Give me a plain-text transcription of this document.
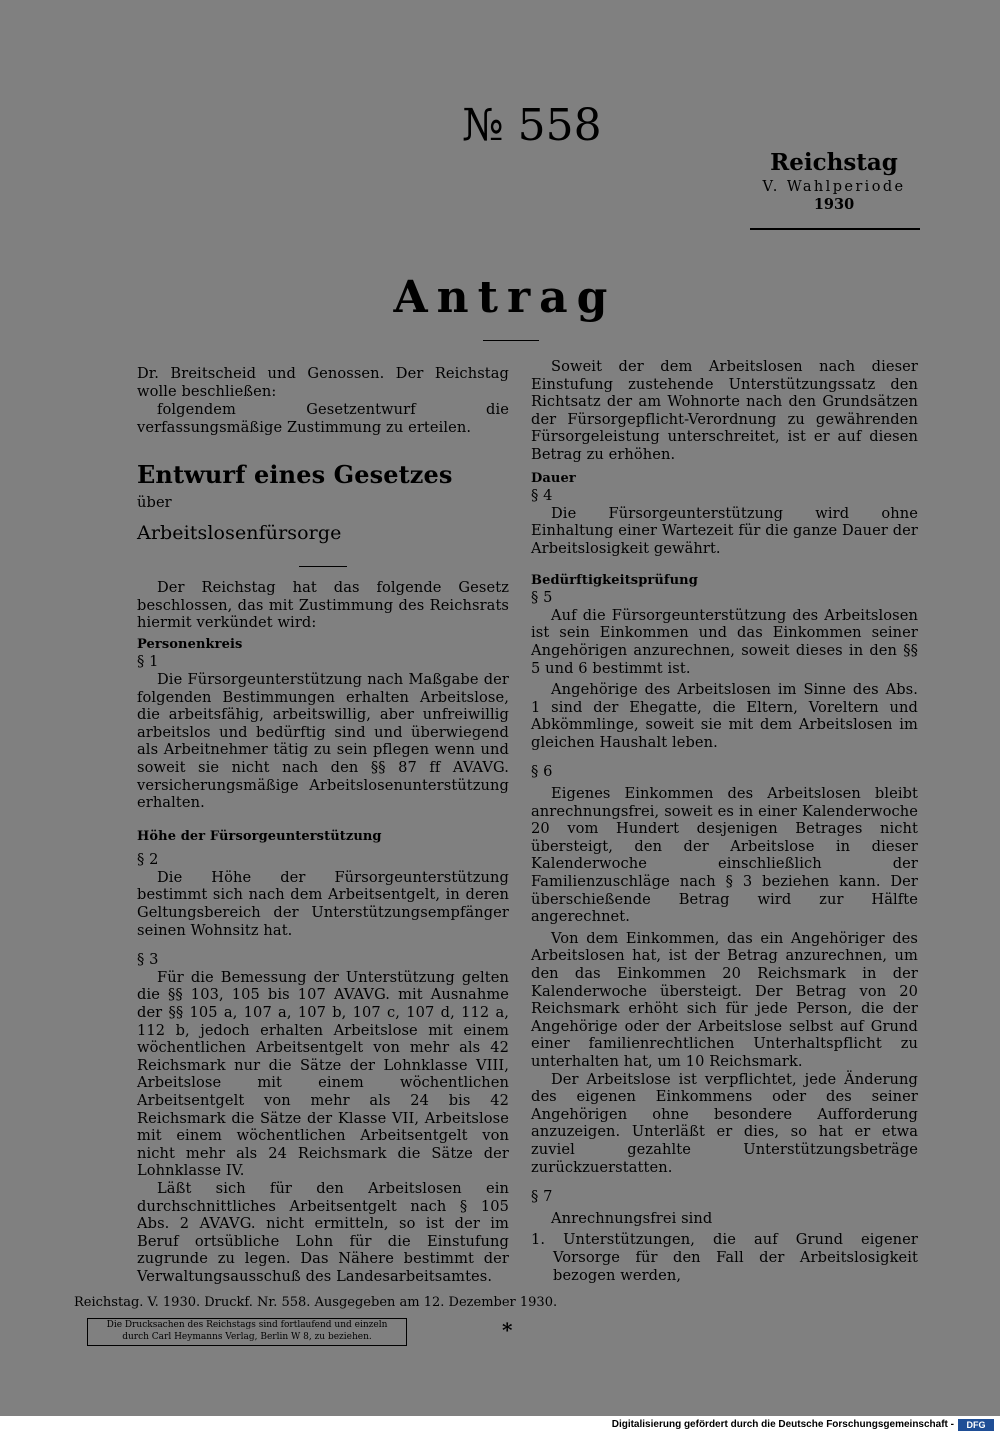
№ 558
Reichstag
V. Wahlperiode
1930
Antrag

Dr. Breitscheid und Genossen. Der Reichstag wolle beschließen:

folgendem Gesetzentwurf die verfassungsmäßige Zustimmung zu erteilen.

Entwurf eines Gesetzes

über

Arbeitslosenfürsorge

Der Reichstag hat das folgende Gesetz beschlossen, das mit Zustimmung des Reichsrats hiermit verkündet wird:

Personenkreis

§ 1

Die Fürsorgeunterstützung nach Maßgabe der folgenden Bestimmungen erhalten Arbeitslose, die arbeitsfähig, arbeitswillig, aber unfreiwillig arbeitslos und bedürftig sind und überwiegend als Arbeitnehmer tätig zu sein pflegen wenn und soweit sie nicht nach den §§ 87 ff AVAVG. versicherungsmäßige Arbeitslosenunterstützung erhalten.

Höhe der Fürsorgeunterstützung

§ 2

Die Höhe der Fürsorgeunterstützung bestimmt sich nach dem Arbeitsentgelt, in deren Geltungsbereich der Unterstützungsempfänger seinen Wohnsitz hat.

§ 3

Für die Bemessung der Unterstützung gelten die §§ 103, 105 bis 107 AVAVG. mit Ausnahme der §§ 105 a, 107 a, 107 b, 107 c, 107 d, 112 a, 112 b, jedoch erhalten Arbeitslose mit einem wöchentlichen Arbeitsentgelt von mehr als 42 Reichsmark nur die Sätze der Lohnklasse VIII, Arbeitslose mit einem wöchentlichen Arbeitsentgelt von mehr als 24 bis 42 Reichsmark die Sätze der Klasse VII, Arbeitslose mit einem wöchentlichen Arbeitsentgelt von nicht mehr als 24 Reichsmark die Sätze der Lohnklasse IV.

Läßt sich für den Arbeitslosen ein durchschnittliches Arbeitsentgelt nach § 105 Abs. 2 AVAVG. nicht ermitteln, so ist der im Beruf ortsübliche Lohn für die Einstufung zugrunde zu legen. Das Nähere bestimmt der Verwaltungsausschuß des Landesarbeitsamtes.

Soweit der dem Arbeitslosen nach dieser Einstufung zustehende Unterstützungssatz den Richtsatz der am Wohnorte nach den Grundsätzen der Fürsorgepflicht-Verordnung zu gewährenden Fürsorgeleistung unterschreitet, ist er auf diesen Betrag zu erhöhen.

Dauer

§ 4

Die Fürsorgeunterstützung wird ohne Einhaltung einer Wartezeit für die ganze Dauer der Arbeitslosigkeit gewährt.

Bedürftigkeitsprüfung

§ 5

Auf die Fürsorgeunterstützung des Arbeitslosen ist sein Einkommen und das Einkommen seiner Angehörigen anzurechnen, soweit dieses in den §§ 5 und 6 bestimmt ist.

Angehörige des Arbeitslosen im Sinne des Abs. 1 sind der Ehegatte, die Eltern, Voreltern und Abkömmlinge, soweit sie mit dem Arbeitslosen im gleichen Haushalt leben.

§ 6

Eigenes Einkommen des Arbeitslosen bleibt anrechnungsfrei, soweit es in einer Kalenderwoche 20 vom Hundert desjenigen Betrages nicht übersteigt, den der Arbeitslose in dieser Kalenderwoche einschließlich der Familienzuschläge nach § 3 beziehen kann. Der überschießende Betrag wird zur Hälfte angerechnet.

Von dem Einkommen, das ein Angehöriger des Arbeitslosen hat, ist der Betrag anzurechnen, um den das Einkommen 20 Reichsmark in der Kalenderwoche übersteigt. Der Betrag von 20 Reichsmark erhöht sich für jede Person, die der Angehörige oder der Arbeitslose selbst auf Grund einer familienrechtlichen Unterhaltspflicht zu unterhalten hat, um 10 Reichsmark.

Der Arbeitslose ist verpflichtet, jede Änderung des eigenen Einkommens oder des seiner Angehörigen ohne besondere Aufforderung anzuzeigen. Unterläßt er dies, so hat er etwa zuviel gezahlte Unterstützungsbeträge zurückzuerstatten.

§ 7

Anrechnungsfrei sind

1. Unterstützungen, die auf Grund eigener Vorsorge für den Fall der Arbeitslosigkeit bezogen werden,

Reichstag. V. 1930. Druckf. Nr. 558. Ausgegeben am 12. Dezember 1930.
Die Drucksachen des Reichstags sind fortlaufend und einzeln durch Carl Heymanns Verlag, Berlin W 8, zu beziehen.	*
Digitalisierung gefördert durch die Deutsche Forschungsgemeinschaft -	DFG
